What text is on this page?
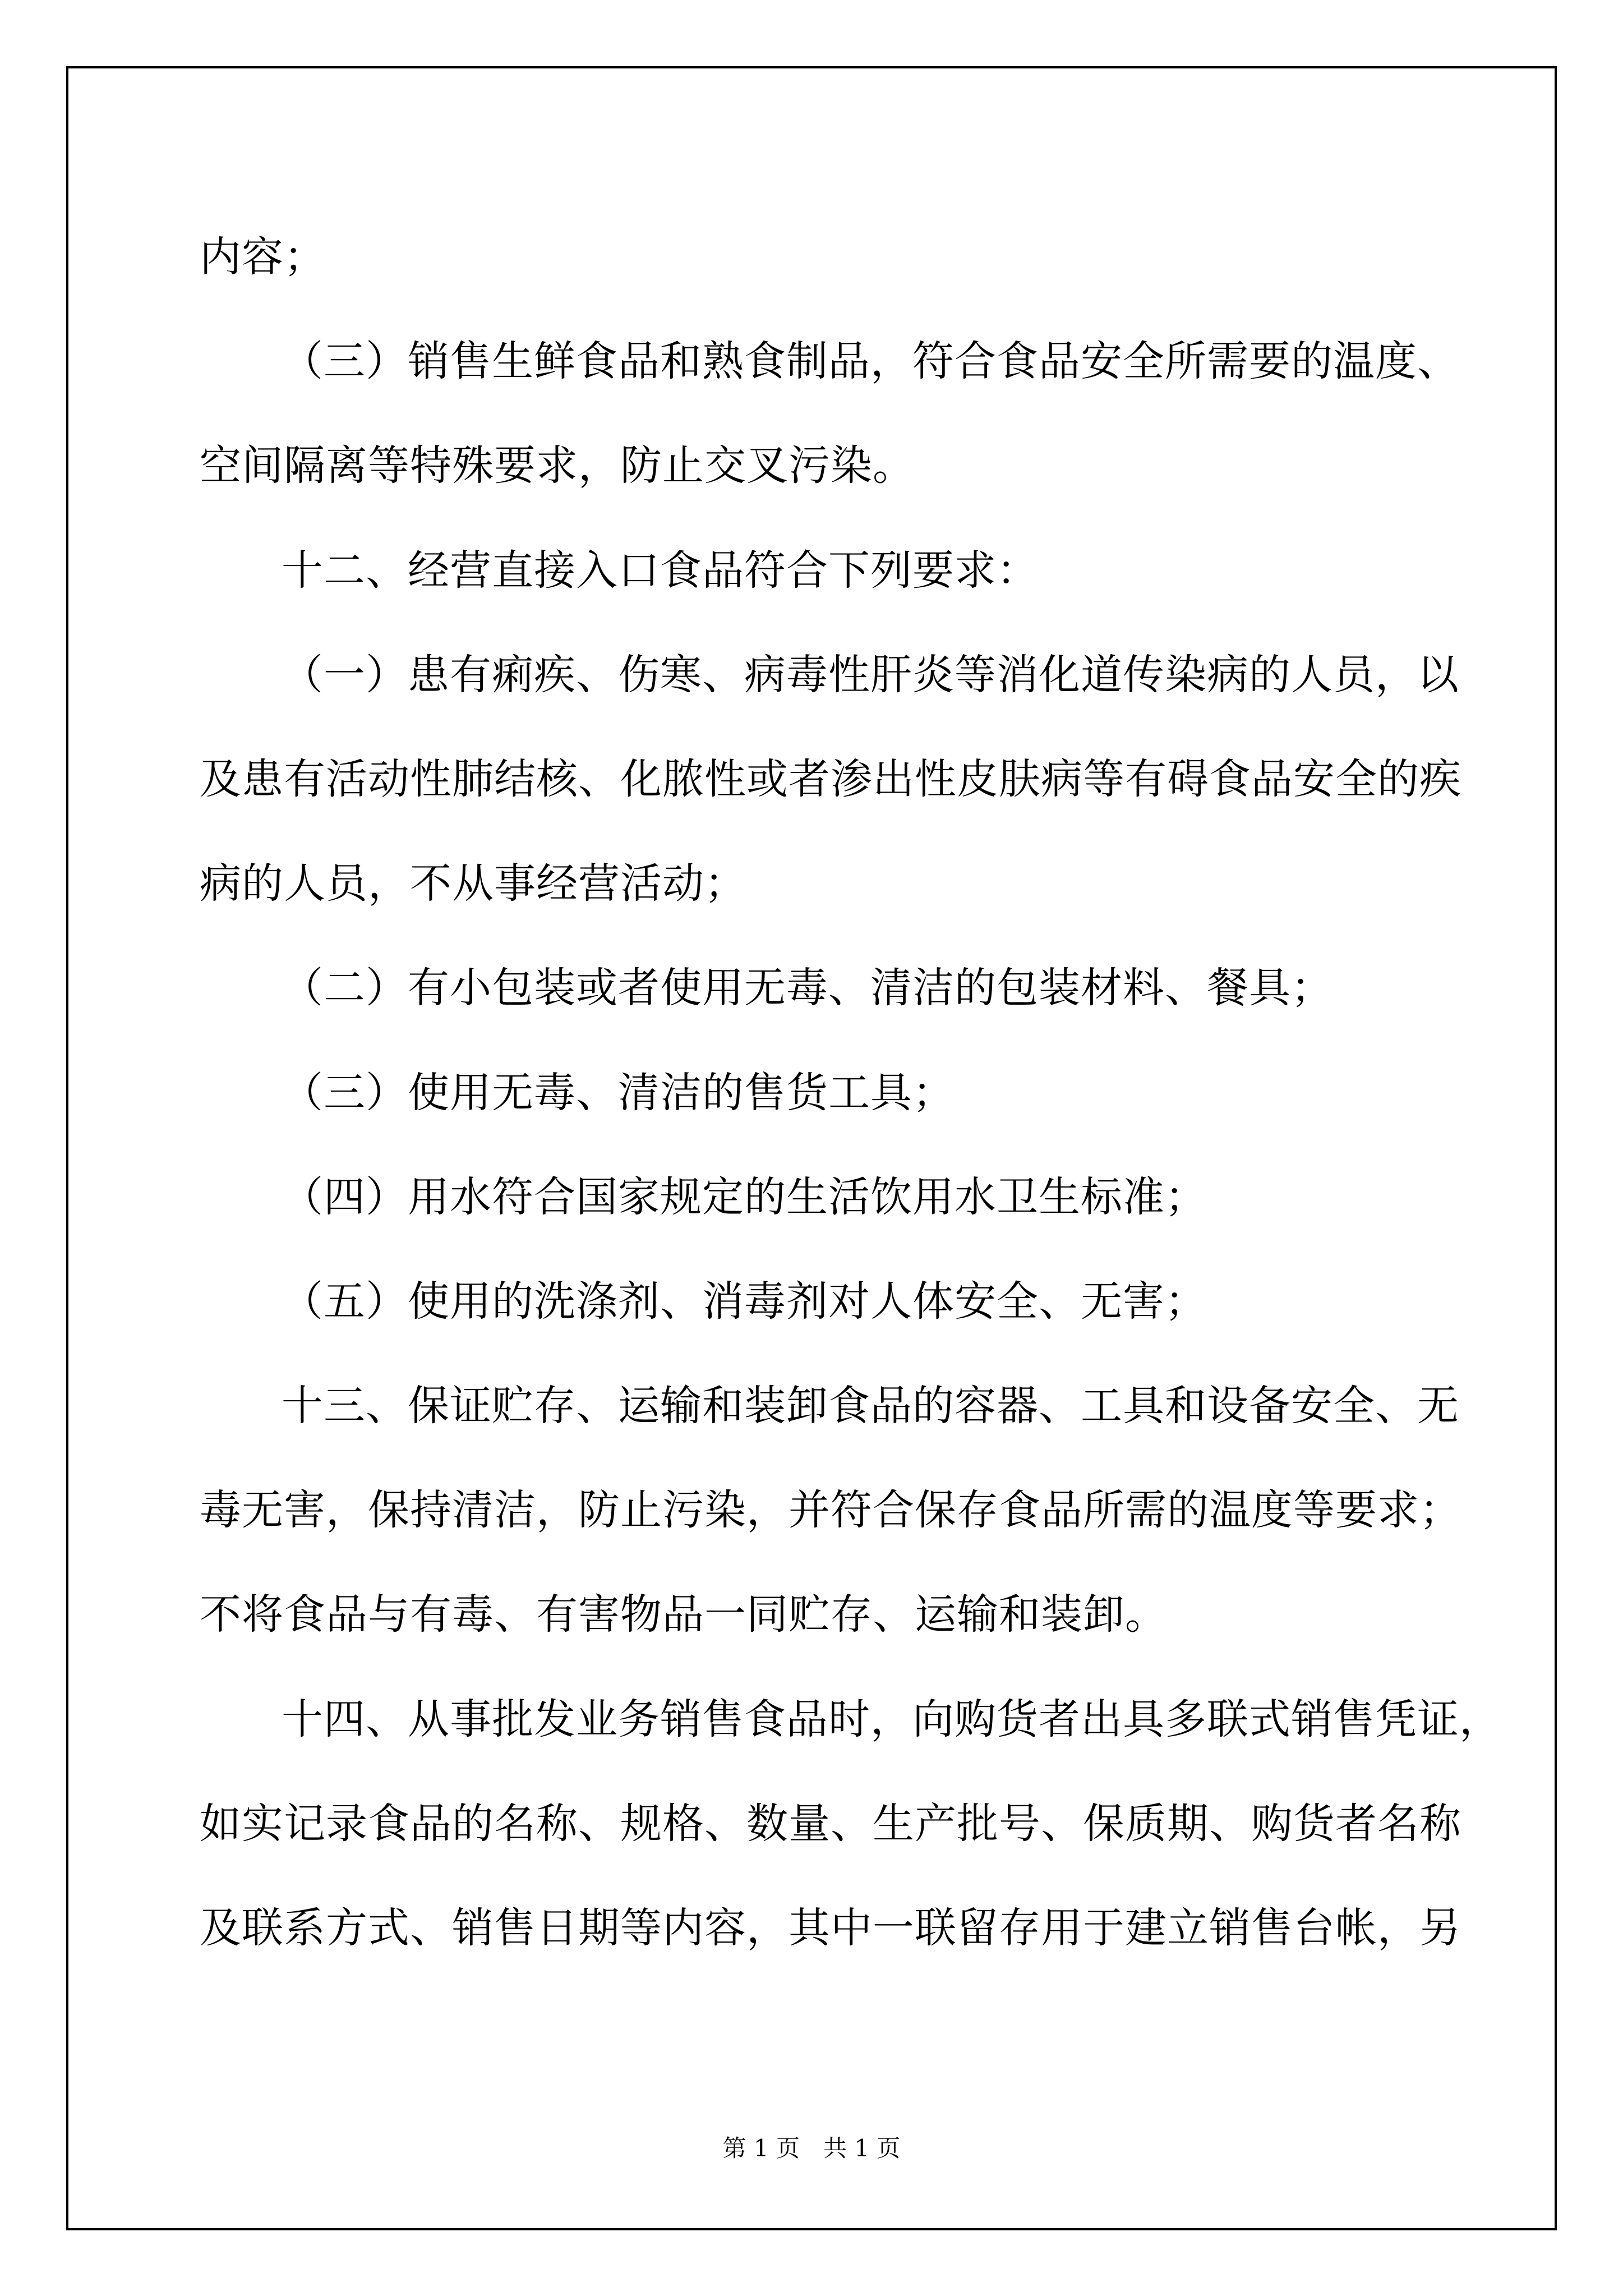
内容；
（三）销售生鲜食品和熟食制品，符合食品安全所需要的温度、
空间隔离等特殊要求，防止交叉污染。
十二、经营直接入口食品符合下列要求：
（一）患有痢疾、伤寒、病毒性肝炎等消化道传染病的人员，以
及患有活动性肺结核、化脓性或者渗出性皮肤病等有碍食品安全的疾
病的人员，不从事经营活动；
（二）有小包装或者使用无毒、清洁的包装材料、餐具；
（三）使用无毒、清洁的售货工具；
（四）用水符合国家规定的生活饮用水卫生标准；
（五）使用的洗涤剂、消毒剂对人体安全、无害；
十三、保证贮存、运输和装卸食品的容器、工具和设备安全、无
毒无害，保持清洁，防止污染，并符合保存食品所需的温度等要求；
不将食品与有毒、有害物品一同贮存、运输和装卸。
十四、从事批发业务销售食品时，向购货者出具多联式销售凭证，
如实记录食品的名称、规格、数量、生产批号、保质期、购货者名称
及联系方式、销售日期等内容，其中一联留存用于建立销售台帐，另
第 1 页　共 1 页
